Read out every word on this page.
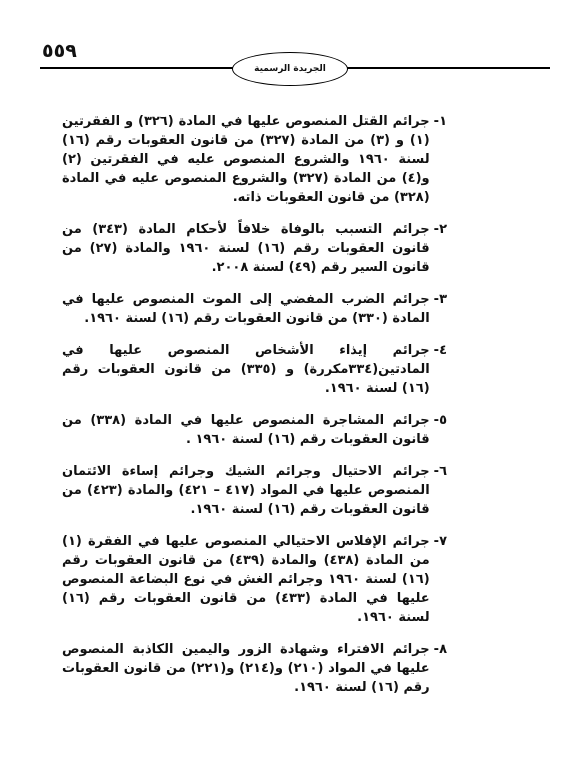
٥٥٩
الجريدة الرسمية
١-
جرائم القتل المنصوص عليها في المادة (٣٢٦) و الفقرتين (١) و (٣) من المادة (٣٢٧) من قانون العقوبات رقم (١٦) لسنة ١٩٦٠ والشروع المنصوص عليه في الفقرتين (٢) و(٤) من المادة (٣٢٧) والشروع المنصوص عليه في المادة (٣٢٨) من قانون العقوبات ذاته.
٢-
جرائم التسبب بالوفاة خلافاً لأحكام المادة (٣٤٣) من قانون العقوبات رقم (١٦) لسنة ١٩٦٠ والمادة (٢٧) من قانون السير رقم (٤٩) لسنة ٢٠٠٨.
٣-
جرائم الضرب المفضي إلى الموت المنصوص عليها في المادة (٣٣٠) من قانون العقوبات رقم (١٦) لسنة ١٩٦٠.
٤-
جرائم إيذاء الأشخاص المنصوص عليها في المادتين(٣٣٤مكررة) و (٣٣٥) من قانون العقوبات رقم (١٦) لسنة ١٩٦٠.
٥-
جرائم المشاجرة المنصوص عليها في المادة (٣٣٨) من قانون العقوبات رقم (١٦) لسنة ١٩٦٠ .
٦-
جرائم الاحتيال وجرائم الشيك وجرائم إساءة الائتمان المنصوص عليها في المواد (٤١٧ – ٤٢١) والمادة (٤٢٣) من قانون العقوبات رقم (١٦) لسنة ١٩٦٠.
٧-
جرائم الإفلاس الاحتيالي المنصوص عليها في الفقرة (١) من المادة (٤٣٨) والمادة (٤٣٩) من قانون العقوبات رقم (١٦) لسنة ١٩٦٠ وجرائم الغش في نوع البضاعة المنصوص عليها في المادة (٤٣٣) من قانون العقوبات رقم (١٦) لسنة ١٩٦٠.
٨-
جرائم الافتراء وشهادة الزور واليمين الكاذبة المنصوص عليها في المواد (٢١٠) و(٢١٤) و(٢٢١) من قانون العقوبات رقم (١٦) لسنة ١٩٦٠.
